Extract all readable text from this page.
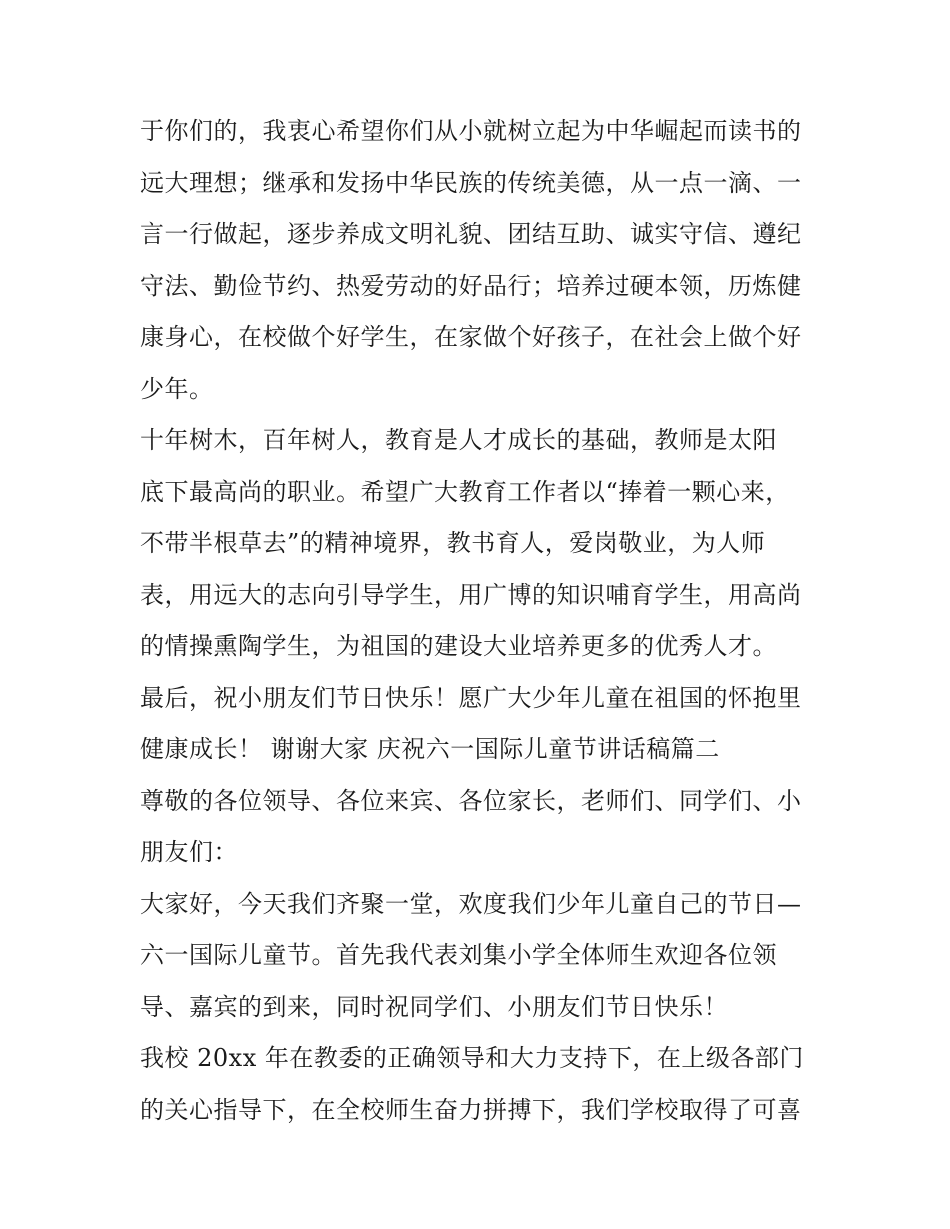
于你们的，我衷心希望你们从小就树立起为中华崛起而读书的
远大理想；继承和发扬中华民族的传统美德，从一点一滴、一
言一行做起，逐步养成文明礼貌、团结互助、诚实守信、遵纪
守法、勤俭节约、热爱劳动的好品行；培养过硬本领，历炼健
康身心，在校做个好学生，在家做个好孩子，在社会上做个好
少年。
十年树木，百年树人，教育是人才成长的基础，教师是太阳
底下最高尚的职业。希望广大教育工作者以“捧着一颗心来，
不带半根草去”的精神境界，教书育人，爱岗敬业，为人师
表，用远大的志向引导学生，用广博的知识哺育学生，用高尚
的情操熏陶学生，为祖国的建设大业培养更多的优秀人才。
最后，祝小朋友们节日快乐！愿广大少年儿童在祖国的怀抱里
健康成长！ 谢谢大家 庆祝六一国际儿童节讲话稿篇二
尊敬的各位领导、各位来宾、各位家长，老师们、同学们、小
朋友们：
大家好，今天我们齐聚一堂，欢度我们少年儿童自己的节日—
六一国际儿童节。首先我代表刘集小学全体师生欢迎各位领
导、嘉宾的到来，同时祝同学们、小朋友们节日快乐！
我校 20xx 年在教委的正确领导和大力支持下，在上级各部门
的关心指导下，在全校师生奋力拼搏下，我们学校取得了可喜
